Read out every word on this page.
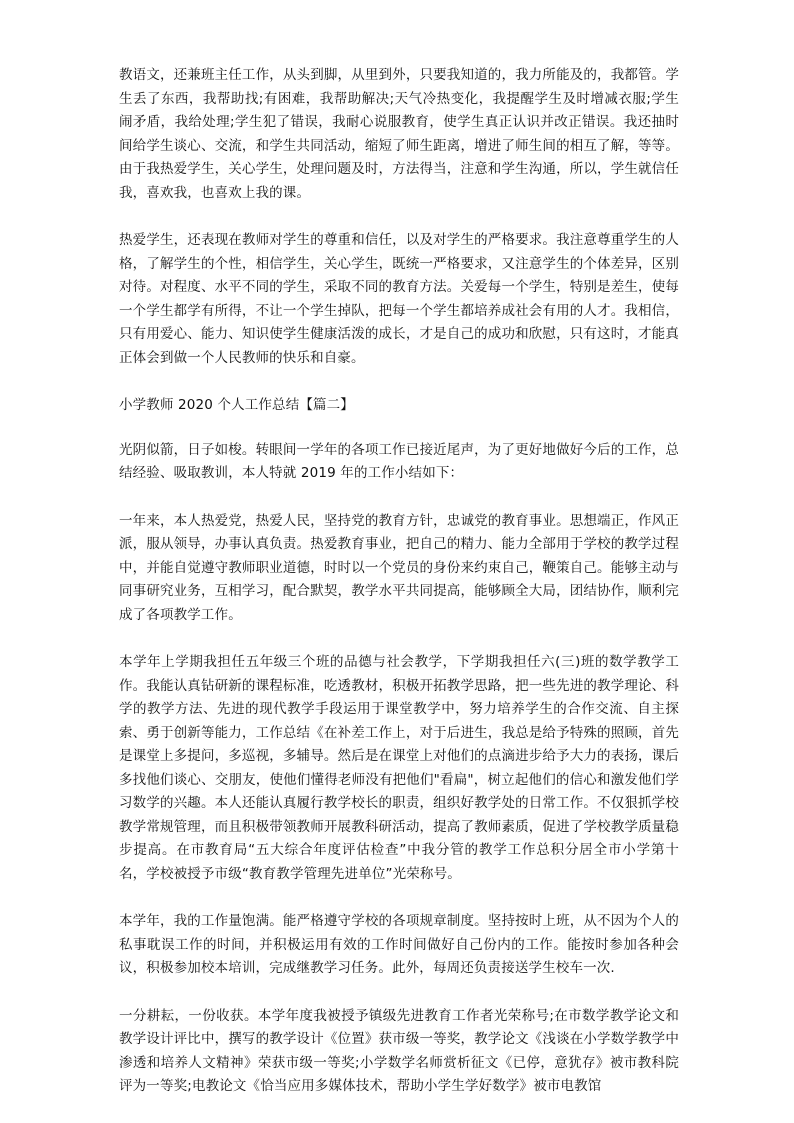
教语文，还兼班主任工作，从头到脚，从里到外，只要我知道的，我力所能及的，我都管。学生丢了东西，我帮助找;有困难，我帮助解决;天气冷热变化，我提醒学生及时增减衣服;学生闹矛盾，我给处理;学生犯了错误，我耐心说服教育，使学生真正认识并改正错误。我还抽时间给学生谈心、交流，和学生共同活动，缩短了师生距离，增进了师生间的相互了解，等等。由于我热爱学生，关心学生，处理问题及时，方法得当，注意和学生沟通，所以，学生就信任我，喜欢我，也喜欢上我的课。

热爱学生，还表现在教师对学生的尊重和信任，以及对学生的严格要求。我注意尊重学生的人格，了解学生的个性，相信学生，关心学生，既统一严格要求，又注意学生的个体差异，区别对待。对程度、水平不同的学生，采取不同的教育方法。关爱每一个学生，特别是差生，使每一个学生都学有所得，不让一个学生掉队，把每一个学生都培养成社会有用的人才。我相信，只有用爱心、能力、知识使学生健康活泼的成长，才是自己的成功和欣慰，只有这时，才能真正体会到做一个人民教师的快乐和自豪。

小学教师 2020 个人工作总结【篇二】

光阴似箭，日子如梭。转眼间一学年的各项工作已接近尾声，为了更好地做好今后的工作，总结经验、吸取教训，本人特就 2019 年的工作小结如下：

一年来，本人热爱党，热爱人民，坚持党的教育方针，忠诚党的教育事业。思想端正，作风正派，服从领导，办事认真负责。热爱教育事业，把自己的精力、能力全部用于学校的教学过程中，并能自觉遵守教师职业道德，时时以一个党员的身份来约束自己，鞭策自己。能够主动与同事研究业务，互相学习，配合默契，教学水平共同提高，能够顾全大局，团结协作，顺利完成了各项教学工作。

本学年上学期我担任五年级三个班的品德与社会教学，下学期我担任六(三)班的数学教学工作。我能认真钻研新的课程标准，吃透教材，积极开拓教学思路，把一些先进的教学理论、科学的教学方法、先进的现代教学手段运用于课堂教学中，努力培养学生的合作交流、自主探索、勇于创新等能力，工作总结《在补差工作上，对于后进生，我总是给予特殊的照顾，首先是课堂上多提问，多巡视，多辅导。然后是在课堂上对他们的点滴进步给予大力的表扬，课后多找他们谈心、交朋友，使他们懂得老师没有把他们"看扁"，树立起他们的信心和激发他们学习数学的兴趣。本人还能认真履行教学校长的职责，组织好教学处的日常工作。不仅狠抓学校教学常规管理，而且积极带领教师开展教科研活动，提高了教师素质，促进了学校教学质量稳步提高。在市教育局“五大综合年度评估检查”中我分管的教学工作总积分居全市小学第十名，学校被授予市级“教育教学管理先进单位”光荣称号。

本学年，我的工作量饱满。能严格遵守学校的各项规章制度。坚持按时上班，从不因为个人的私事耽误工作的时间，并积极运用有效的工作时间做好自己份内的工作。能按时参加各种会议，积极参加校本培训，完成继教学习任务。此外，每周还负责接送学生校车一次.

一分耕耘，一份收获。本学年度我被授予镇级先进教育工作者光荣称号;在市数学教学论文和教学设计评比中，撰写的教学设计《位置》获市级一等奖，教学论文《浅谈在小学数学教学中渗透和培养人文精神》荣获市级一等奖;小学数学名师赏析征文《已停，意犹存》被市教科院评为一等奖;电教论文《恰当应用多媒体技术，帮助小学生学好数学》被市电教馆
